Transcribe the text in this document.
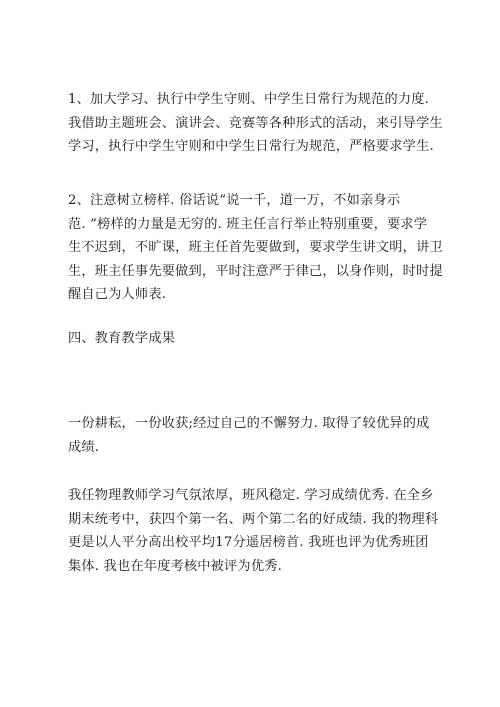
1、加大学习、执行中学生守则、中学生日常行为规范的力度.
我借助主题班会、演讲会、竞赛等各种形式的活动，来引导学生
学习，执行中学生守则和中学生日常行为规范，严格要求学生.
2、注意树立榜样. 俗话说“说一千，道一万，不如亲身示
范. ”榜样的力量是无穷的. 班主任言行举止特别重要，要求学
生不迟到，不旷课，班主任首先要做到，要求学生讲文明，讲卫
生，班主任事先要做到，平时注意严于律己，以身作则，时时提
醒自己为人师表.
四、教育教学成果
一份耕耘，一份收获;经过自己的不懈努力. 取得了较优异的成
成绩.
我任物理教师学习气氛浓厚，班风稳定. 学习成绩优秀. 在全乡
期末统考中，获四个第一名、两个第二名的好成绩. 我的物理科
更是以人平分高出校平均17分遥居榜首. 我班也评为优秀班团
集体. 我也在年度考核中被评为优秀.
